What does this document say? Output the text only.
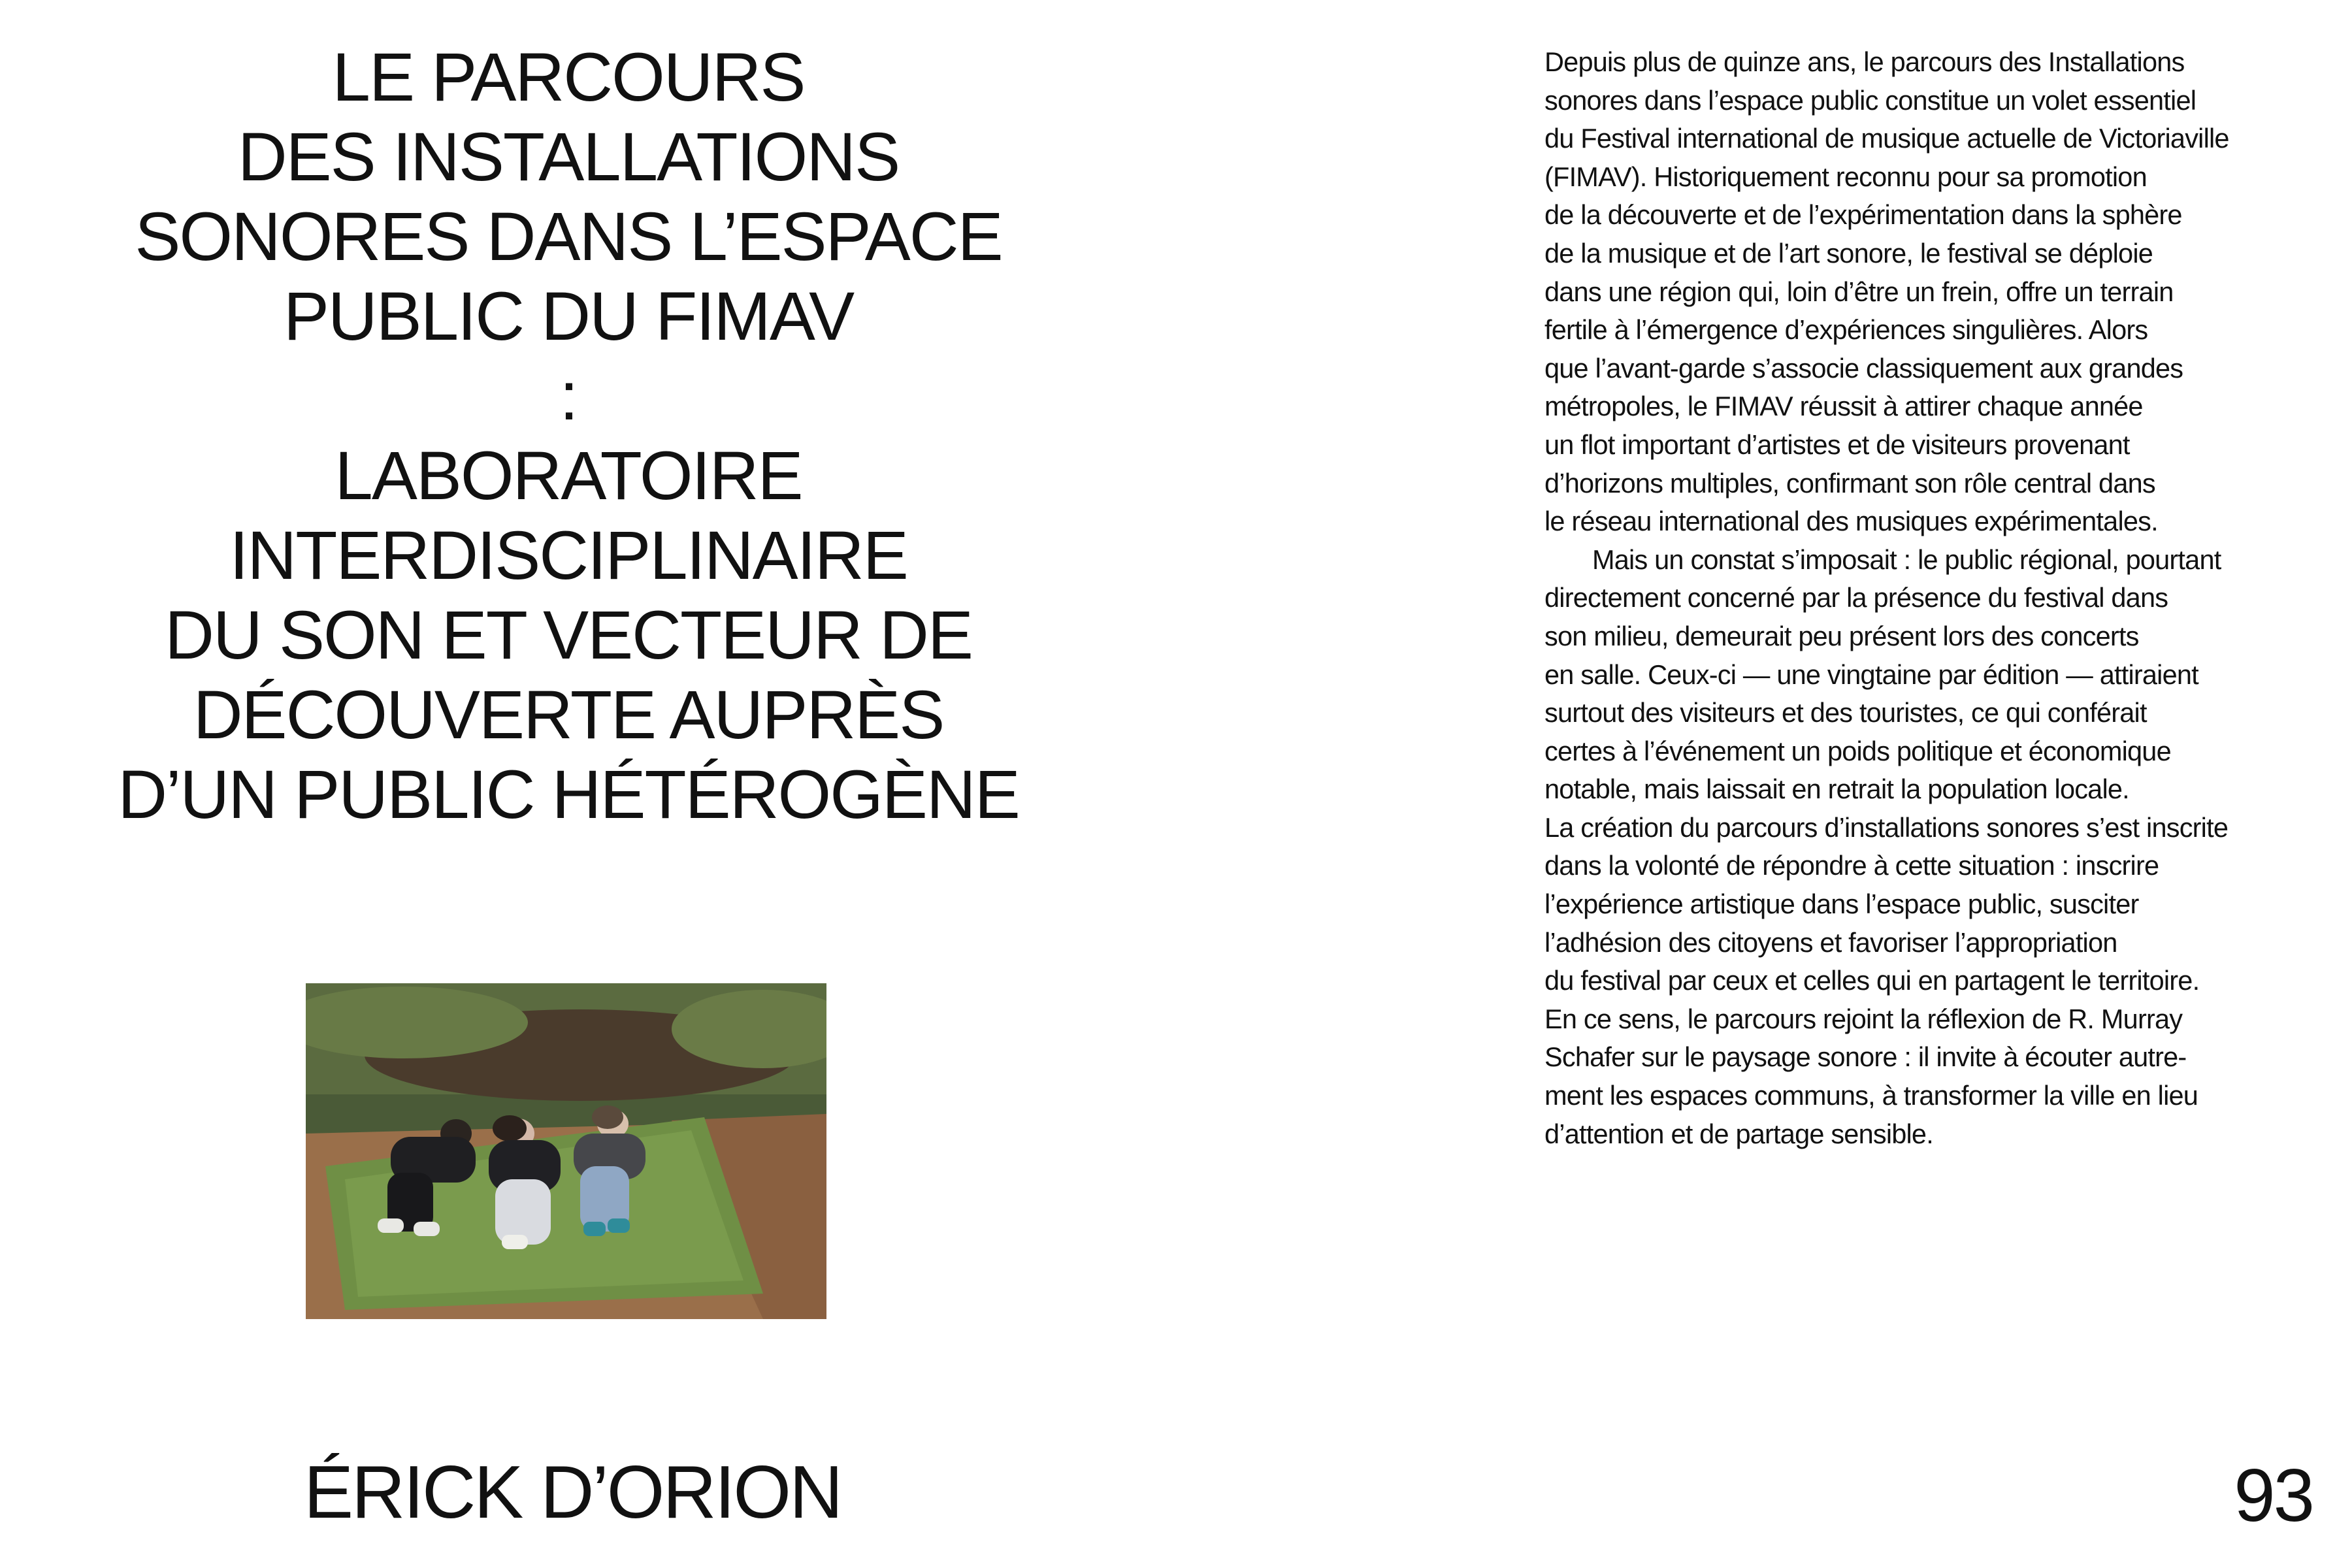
LE PARCOURS
DES INSTALLATIONS
SONORES DANS L’ESPACE
PUBLIC DU FIMAV
:
LABORATOIRE
INTERDISCIPLINAIRE
DU SON ET VECTEUR DE
DÉCOUVERTE AUPRÈS
D’UN PUBLIC HÉTÉROGÈNE
ÉRICK D’ORION
Depuis plus de quinze ans, le parcours des Installations
sonores dans l’espace public constitue un volet essentiel
du Festival international de musique actuelle de Victoriaville
(FIMAV). Historiquement reconnu pour sa promotion
de la découverte et de l’expérimentation dans la sphère
de la musique et de l’art sonore, le festival se déploie
dans une région qui, loin d’être un frein, offre un terrain
fertile à l’émergence d’expériences singulières. Alors
que l’avant-garde s’associe classiquement aux grandes
métropoles, le FIMAV réussit à attirer chaque année
un flot important d’artistes et de visiteurs provenant
d’horizons multiples, confirmant son rôle central dans
le réseau international des musiques expérimentales.
Mais un constat s’imposait : le public régional, pourtant
directement concerné par la présence du festival dans
son milieu, demeurait peu présent lors des concerts
en salle. Ceux-ci — une vingtaine par édition — attiraient
surtout des visiteurs et des touristes, ce qui conférait
certes à l’événement un poids politique et économique
notable, mais laissait en retrait la population locale.
La création du parcours d’installations sonores s’est inscrite
dans la volonté de répondre à cette situation : inscrire
l’expérience artistique dans l’espace public, susciter
l’adhésion des citoyens et favoriser l’appropriation
du festival par ceux et celles qui en partagent le territoire.
En ce sens, le parcours rejoint la réflexion de R. Murray
Schafer sur le paysage sonore : il invite à écouter autre-
ment les espaces communs, à transformer la ville en lieu
d’attention et de partage sensible.
93
